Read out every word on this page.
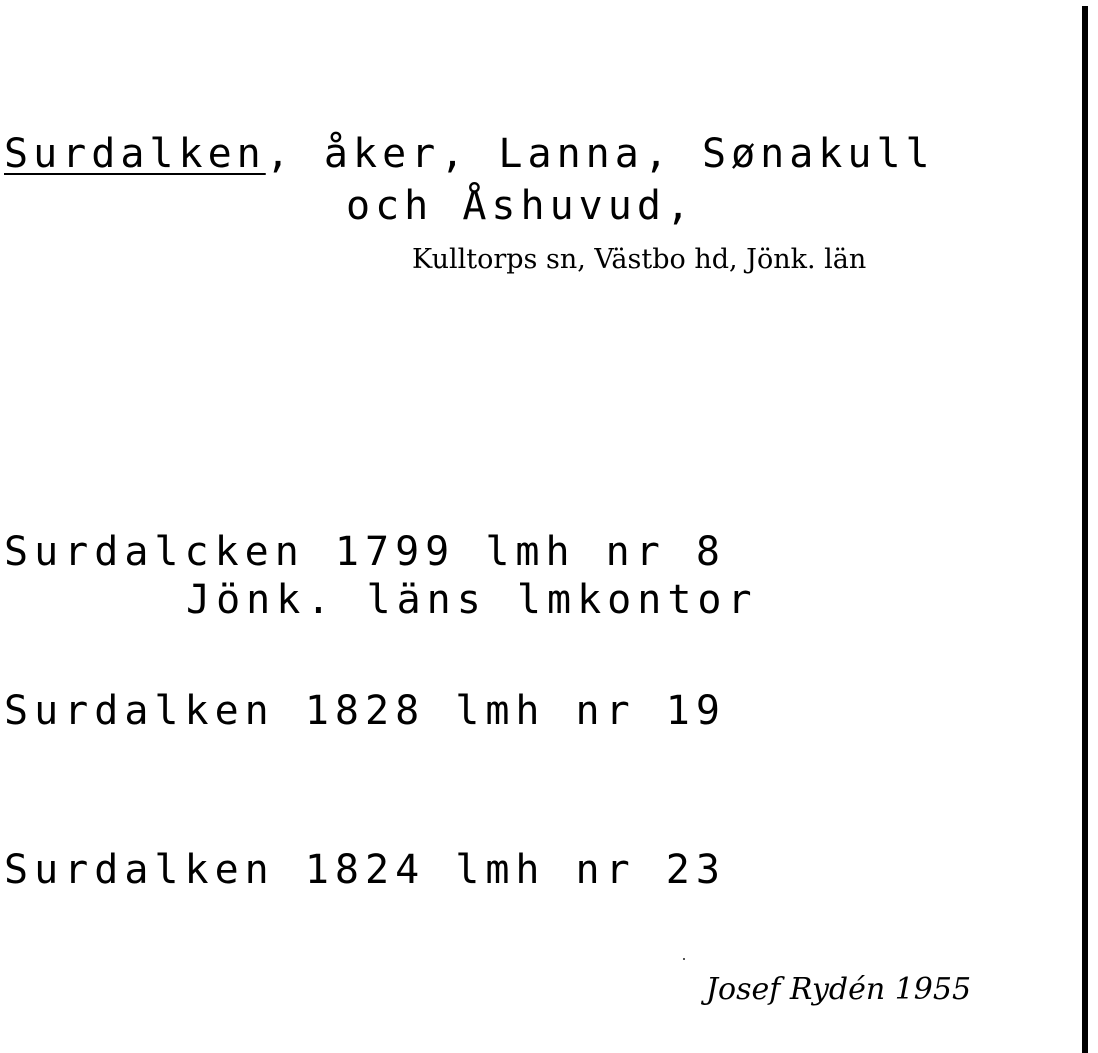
Surdalken, åker, Lanna, Sønakull
och Åshuvud,
Kulltorps sn, Västbo hd, Jönk. län

Surdalcken 1799 lmh nr 8

Surdalken 1828 lmh nr 19

Surdalken 1824 lmh nr 23

Jönk. läns lmkontor
Josef Rydén 1955
